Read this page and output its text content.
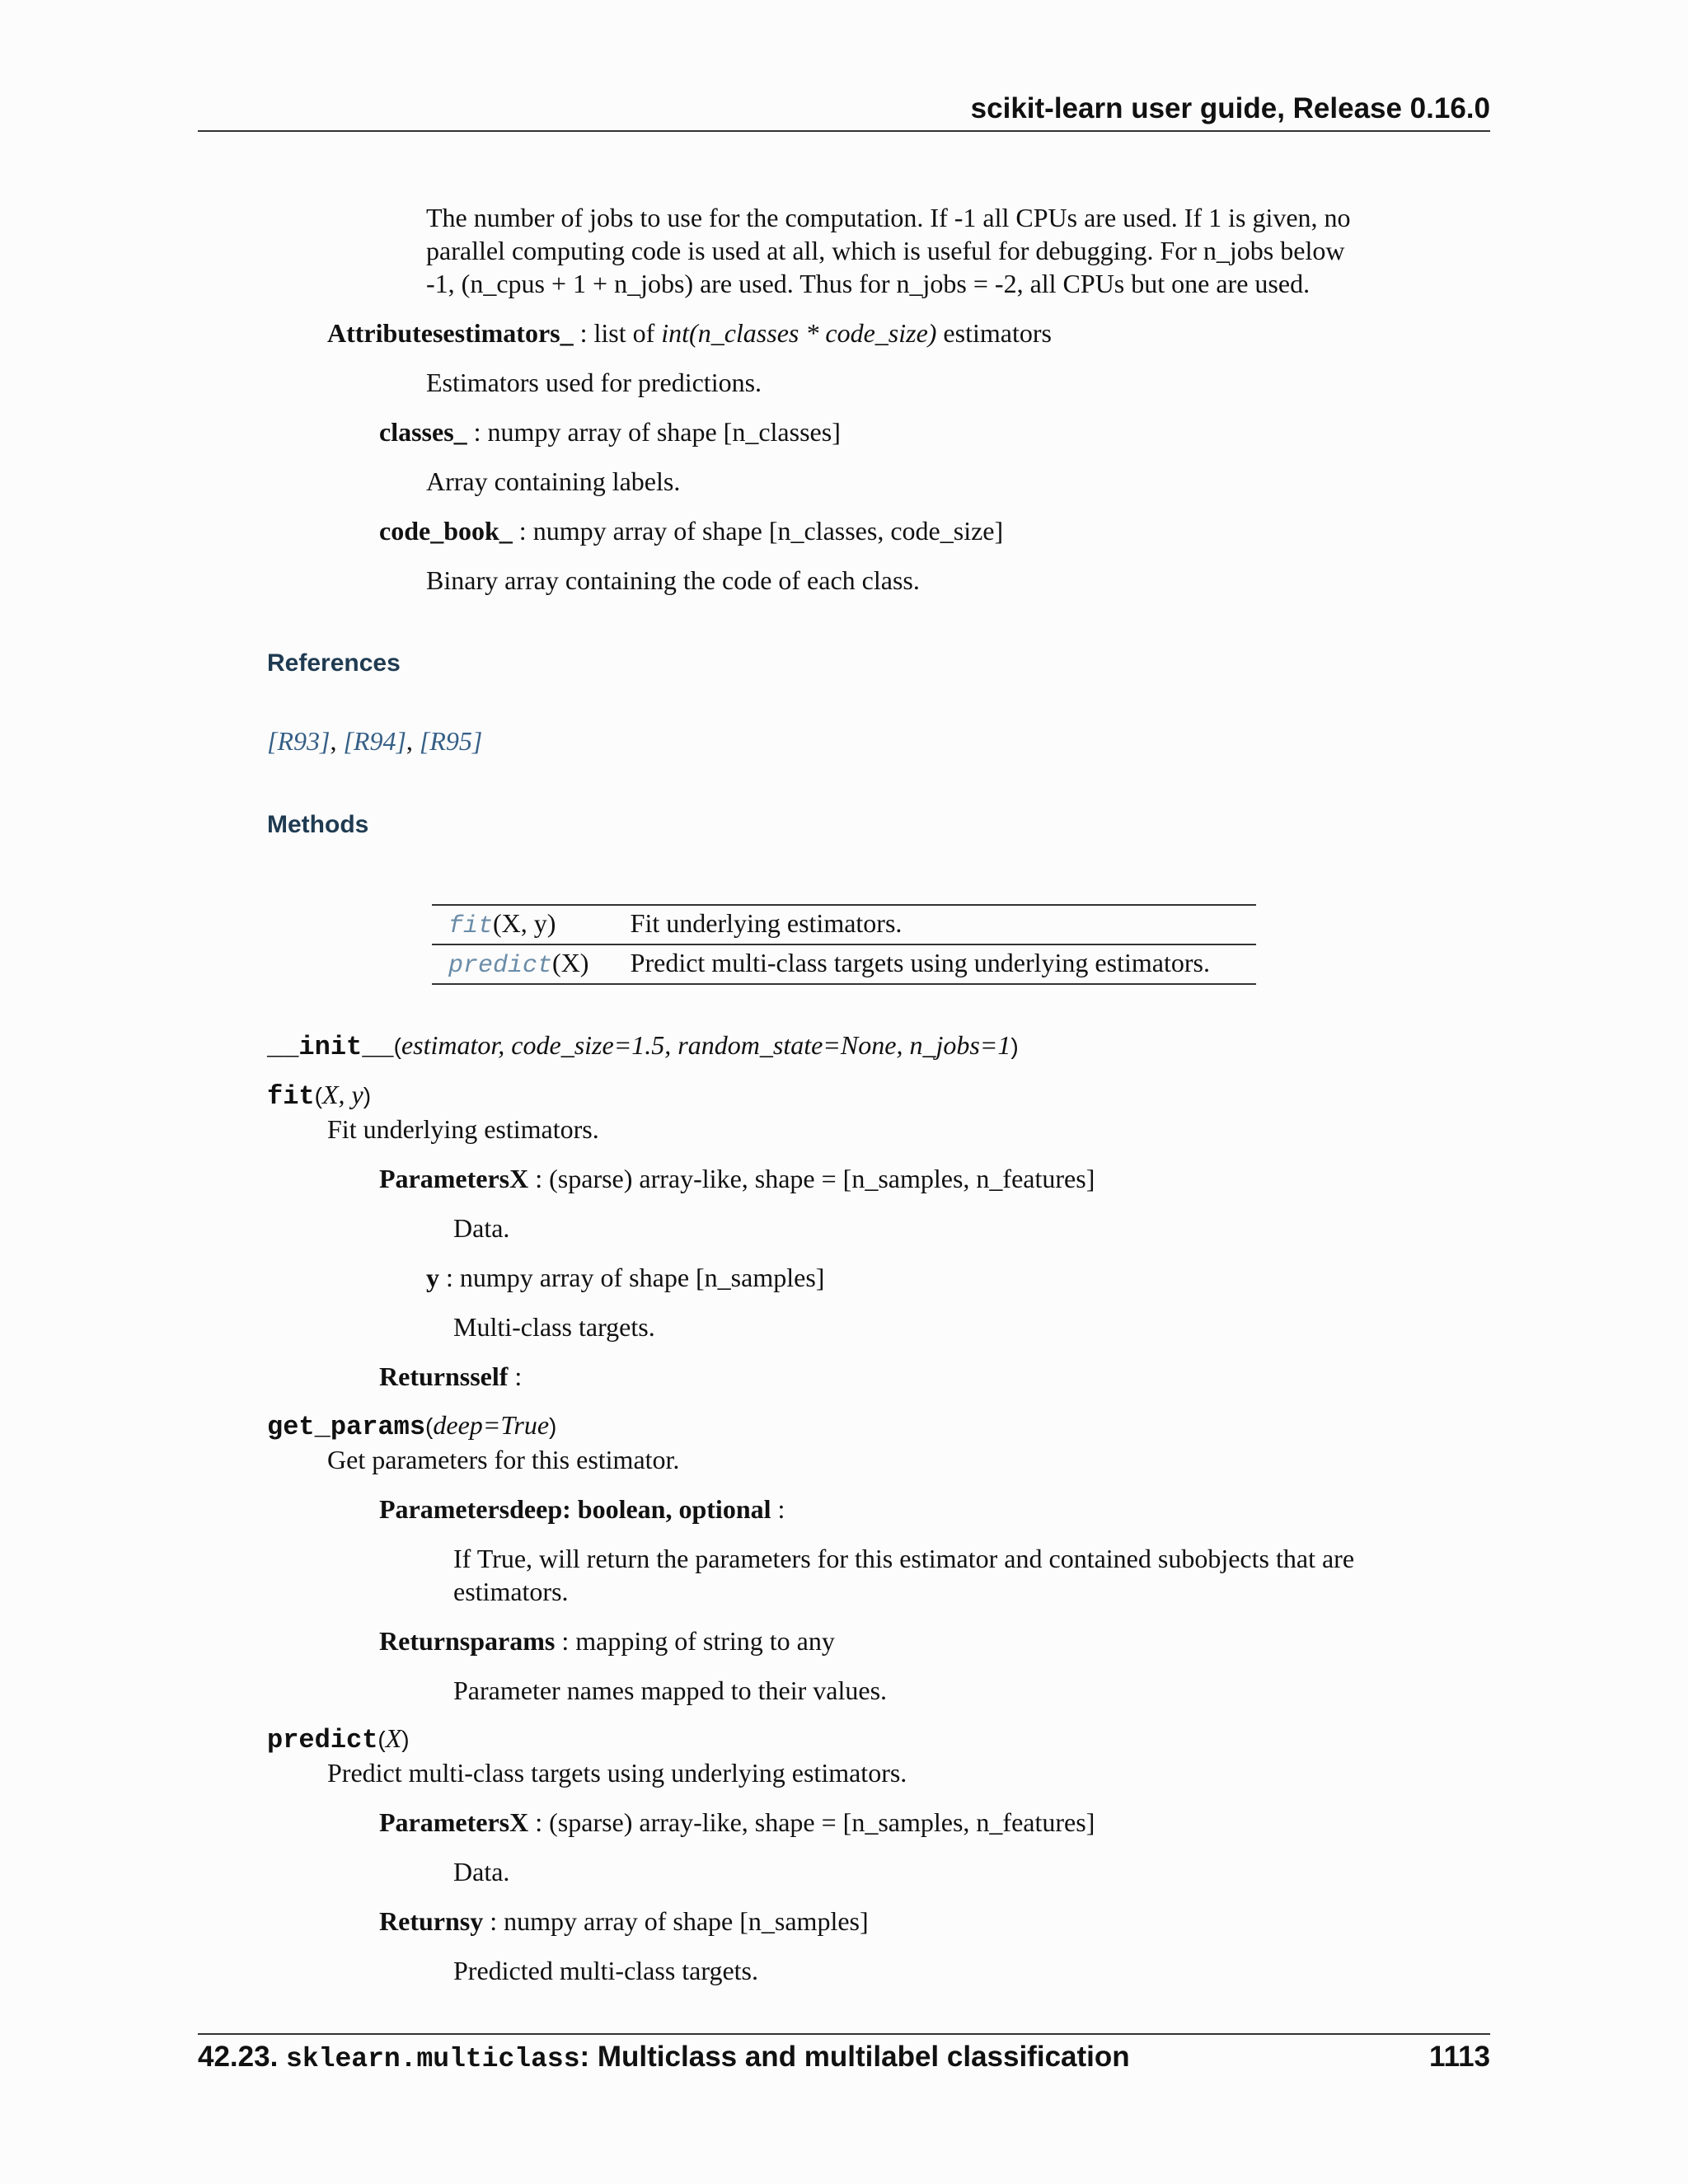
scikit-learn user guide, Release 0.16.0
The number of jobs to use for the computation. If -1 all CPUs are used. If 1 is given, no
parallel computing code is used at all, which is useful for debugging. For n_jobs below
-1, (n_cpus + 1 + n_jobs) are used. Thus for n_jobs = -2, all CPUs but one are used.
Attributesestimators_ : list of int(n_classes * code_size) estimators
Estimators used for predictions.
classes_ : numpy array of shape [n_classes]
Array containing labels.
code_book_ : numpy array of shape [n_classes, code_size]
Binary array containing the code of each class.
References
[R93], [R94], [R95]
Methods
fit(X, y)	Fit underlying estimators.
predict(X)	Predict multi-class targets using underlying estimators.
__init__(estimator, code_size=1.5, random_state=None, n_jobs=1)
fit(X, y)
Fit underlying estimators.
ParametersX : (sparse) array-like, shape = [n_samples, n_features]
Data.
y : numpy array of shape [n_samples]
Multi-class targets.
Returnsself :
get_params(deep=True)
Get parameters for this estimator.
Parametersdeep: boolean, optional :
If True, will return the parameters for this estimator and contained subobjects that are
estimators.
Returnsparams : mapping of string to any
Parameter names mapped to their values.
predict(X)
Predict multi-class targets using underlying estimators.
ParametersX : (sparse) array-like, shape = [n_samples, n_features]
Data.
Returnsy : numpy array of shape [n_samples]
Predicted multi-class targets.
42.23. sklearn.multiclass: Multiclass and multilabel classification	1113
